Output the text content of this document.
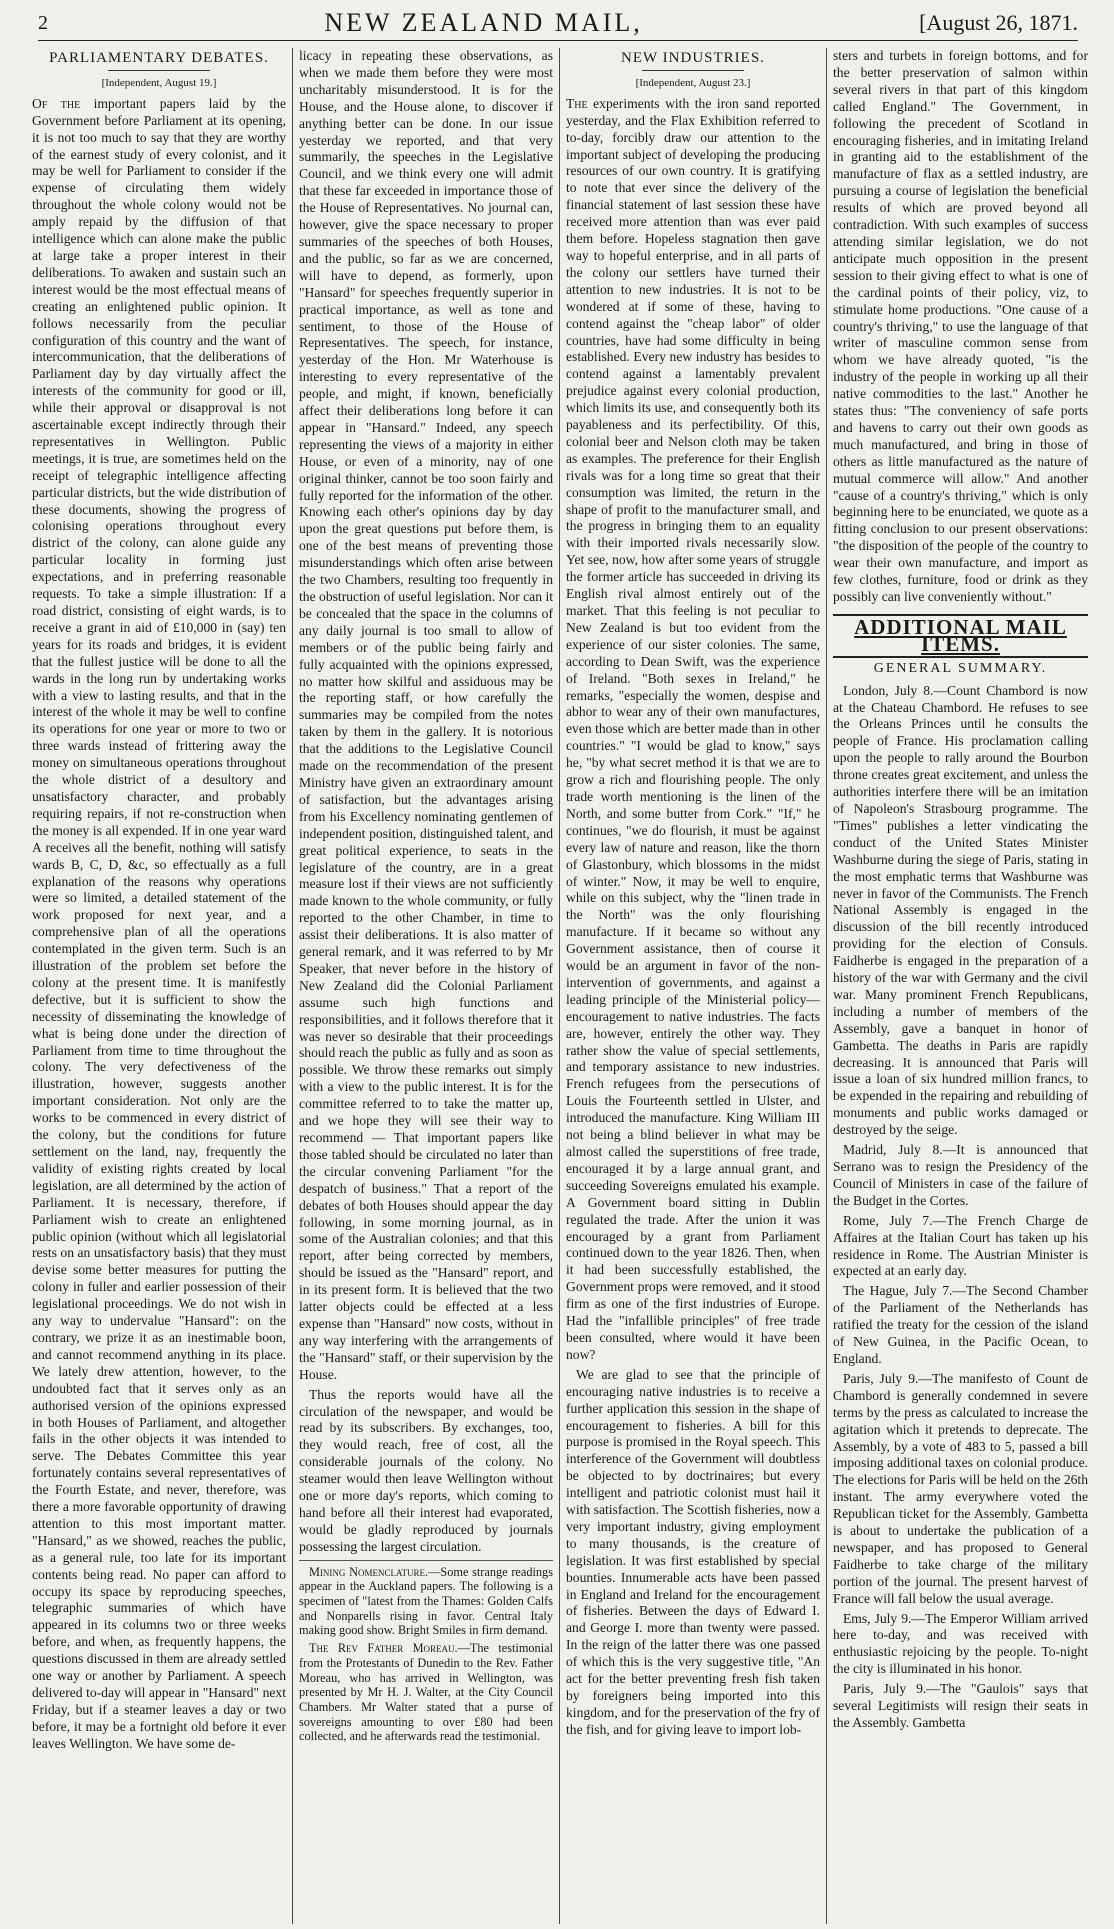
2	NEW ZEALAND MAIL,	[August 26, 1871.
PARLIAMENTARY DEBATES.
[Independent, August 19.]

Of the important papers laid by the Government before Parliament at its opening, it is not too much to say that they are worthy of the earnest study of every colonist, and it may be well for Parliament to consider if the expense of circulating them widely throughout the whole colony would not be amply repaid by the diffusion of that intelligence which can alone make the public at large take a proper interest in their deliberations. To awaken and sustain such an interest would be the most effectual means of creating an enlightened public opinion. It follows necessarily from the peculiar configuration of this country and the want of intercommunication, that the deliberations of Parliament day by day virtually affect the interests of the community for good or ill, while their approval or disapproval is not ascertainable except indirectly through their representatives in Wellington. Public meetings, it is true, are sometimes held on the receipt of telegraphic intelligence affecting particular districts, but the wide distribution of these documents, showing the progress of colonising operations throughout every district of the colony, can alone guide any particular locality in forming just expectations, and in preferring reasonable requests. To take a simple illustration: If a road district, consisting of eight wards, is to receive a grant in aid of £10,000 in (say) ten years for its roads and bridges, it is evident that the fullest justice will be done to all the wards in the long run by undertaking works with a view to lasting results, and that in the interest of the whole it may be well to confine its operations for one year or more to two or three wards instead of frittering away the money on simultaneous operations throughout the whole district of a desultory and unsatisfactory character, and probably requiring repairs, if not re-construction when the money is all expended. If in one year ward A receives all the benefit, nothing will satisfy wards B, C, D, &c, so effectually as a full explanation of the reasons why operations were so limited, a detailed statement of the work proposed for next year, and a comprehensive plan of all the operations contemplated in the given term. Such is an illustration of the problem set before the colony at the present time. It is manifestly defective, but it is sufficient to show the necessity of disseminating the knowledge of what is being done under the direction of Parliament from time to time throughout the colony. The very defectiveness of the illustration, however, suggests another important consideration. Not only are the works to be commenced in every district of the colony, but the conditions for future settlement on the land, nay, frequently the validity of existing rights created by local legislation, are all determined by the action of Parliament. It is necessary, therefore, if Parliament wish to create an enlightened public opinion (without which all legislatorial rests on an unsatisfactory basis) that they must devise some better measures for putting the colony in fuller and earlier possession of their legislational proceedings. We do not wish in any way to undervalue "Hansard": on the contrary, we prize it as an inestimable boon, and cannot recommend anything in its place. We lately drew attention, however, to the undoubted fact that it serves only as an authorised version of the opinions expressed in both Houses of Parliament, and altogether fails in the other objects it was intended to serve. The Debates Committee this year fortunately contains several representatives of the Fourth Estate, and never, therefore, was there a more favorable opportunity of drawing attention to this most important matter. "Hansard," as we showed, reaches the public, as a general rule, too late for its important contents being read. No paper can afford to occupy its space by reproducing speeches, telegraphic summaries of which have appeared in its columns two or three weeks before, and when, as frequently happens, the questions discussed in them are already settled one way or another by Parliament. A speech delivered to-day will appear in "Hansard" next Friday, but if a steamer leaves a day or two before, it may be a fortnight old before it ever leaves Wellington. We have some de-

licacy in repeating these observations, as when we made them before they were most uncharitably misunderstood. It is for the House, and the House alone, to discover if anything better can be done. In our issue yesterday we reported, and that very summarily, the speeches in the Legislative Council, and we think every one will admit that these far exceeded in importance those of the House of Representatives. No journal can, however, give the space necessary to proper summaries of the speeches of both Houses, and the public, so far as we are concerned, will have to depend, as formerly, upon "Hansard" for speeches frequently superior in practical importance, as well as tone and sentiment, to those of the House of Representatives. The speech, for instance, yesterday of the Hon. Mr Waterhouse is interesting to every representative of the people, and might, if known, beneficially affect their deliberations long before it can appear in "Hansard." Indeed, any speech representing the views of a majority in either House, or even of a minority, nay of one original thinker, cannot be too soon fairly and fully reported for the information of the other. Knowing each other's opinions day by day upon the great questions put before them, is one of the best means of preventing those misunderstandings which often arise between the two Chambers, resulting too frequently in the obstruction of useful legislation. Nor can it be concealed that the space in the columns of any daily journal is too small to allow of members or of the public being fairly and fully acquainted with the opinions expressed, no matter how skilful and assiduous may be the reporting staff, or how carefully the summaries may be compiled from the notes taken by them in the gallery. It is notorious that the additions to the Legislative Council made on the recommendation of the present Ministry have given an extraordinary amount of satisfaction, but the advantages arising from his Excellency nominating gentlemen of independent position, distinguished talent, and great political experience, to seats in the legislature of the country, are in a great measure lost if their views are not sufficiently made known to the whole community, or fully reported to the other Chamber, in time to assist their deliberations. It is also matter of general remark, and it was referred to by Mr Speaker, that never before in the history of New Zealand did the Colonial Parliament assume such high functions and responsibilities, and it follows therefore that it was never so desirable that their proceedings should reach the public as fully and as soon as possible. We throw these remarks out simply with a view to the public interest. It is for the committee referred to to take the matter up, and we hope they will see their way to recommend — That important papers like those tabled should be circulated no later than the circular convening Parliament "for the despatch of business." That a report of the debates of both Houses should appear the day following, in some morning journal, as in some of the Australian colonies; and that this report, after being corrected by members, should be issued as the "Hansard" report, and in its present form. It is believed that the two latter objects could be effected at a less expense than "Hansard" now costs, without in any way interfering with the arrangements of the "Hansard" staff, or their supervision by the House.

Thus the reports would have all the circulation of the newspaper, and would be read by its subscribers. By exchanges, too, they would reach, free of cost, all the considerable journals of the colony. No steamer would then leave Wellington without one or more day's reports, which coming to hand before all their interest had evaporated, would be gladly reproduced by journals possessing the largest circulation.

Mining Nomenclature.—Some strange readings appear in the Auckland papers. The following is a specimen of "latest from the Thames: Golden Calfs and Nonparells rising in favor. Central Italy making good show. Bright Smiles in firm demand.

The Rev Father Moreau.—The testimonial from the Protestants of Dunedin to the Rev. Father Moreau, who has arrived in Wellington, was presented by Mr H. J. Walter, at the City Council Chambers. Mr Walter stated that a purse of sovereigns amounting to over £80 had been collected, and he afterwards read the testimonial.

NEW INDUSTRIES.
[Independent, August 23.]

The experiments with the iron sand reported yesterday, and the Flax Exhibition referred to to-day, forcibly draw our attention to the important subject of developing the producing resources of our own country. It is gratifying to note that ever since the delivery of the financial statement of last session these have received more attention than was ever paid them before. Hopeless stagnation then gave way to hopeful enterprise, and in all parts of the colony our settlers have turned their attention to new industries. It is not to be wondered at if some of these, having to contend against the "cheap labor" of older countries, have had some difficulty in being established. Every new industry has besides to contend against a lamentably prevalent prejudice against every colonial production, which limits its use, and consequently both its payableness and its perfectibility. Of this, colonial beer and Nelson cloth may be taken as examples. The preference for their English rivals was for a long time so great that their consumption was limited, the return in the shape of profit to the manufacturer small, and the progress in bringing them to an equality with their imported rivals necessarily slow. Yet see, now, how after some years of struggle the former article has succeeded in driving its English rival almost entirely out of the market. That this feeling is not peculiar to New Zealand is but too evident from the experience of our sister colonies. The same, according to Dean Swift, was the experience of Ireland. "Both sexes in Ireland," he remarks, "especially the women, despise and abhor to wear any of their own manufactures, even those which are better made than in other countries." "I would be glad to know," says he, "by what secret method it is that we are to grow a rich and flourishing people. The only trade worth mentioning is the linen of the North, and some butter from Cork." "If," he continues, "we do flourish, it must be against every law of nature and reason, like the thorn of Glastonbury, which blossoms in the midst of winter." Now, it may be well to enquire, while on this subject, why the "linen trade in the North" was the only flourishing manufacture. If it became so without any Government assistance, then of course it would be an argument in favor of the non-intervention of governments, and against a leading principle of the Ministerial policy—encouragement to native industries. The facts are, however, entirely the other way. They rather show the value of special settlements, and temporary assistance to new industries. French refugees from the persecutions of Louis the Fourteenth settled in Ulster, and introduced the manufacture. King William III not being a blind believer in what may be almost called the superstitions of free trade, encouraged it by a large annual grant, and succeeding Sovereigns emulated his example. A Government board sitting in Dublin regulated the trade. After the union it was encouraged by a grant from Parliament continued down to the year 1826. Then, when it had been successfully established, the Government props were removed, and it stood firm as one of the first industries of Europe. Had the "infallible principles" of free trade been consulted, where would it have been now?

We are glad to see that the principle of encouraging native industries is to receive a further application this session in the shape of encouragement to fisheries. A bill for this purpose is promised in the Royal speech. This interference of the Government will doubtless be objected to by doctrinaires; but every intelligent and patriotic colonist must hail it with satisfaction. The Scottish fisheries, now a very important industry, giving employment to many thousands, is the creature of legislation. It was first established by special bounties. Innumerable acts have been passed in England and Ireland for the encouragement of fisheries. Between the days of Edward I. and George I. more than twenty were passed. In the reign of the latter there was one passed of which this is the very suggestive title, "An act for the better preventing fresh fish taken by foreigners being imported into this kingdom, and for the preservation of the fry of the fish, and for giving leave to import lob-

sters and turbets in foreign bottoms, and for the better preservation of salmon within several rivers in that part of this kingdom called England." The Government, in following the precedent of Scotland in encouraging fisheries, and in imitating Ireland in granting aid to the establishment of the manufacture of flax as a settled industry, are pursuing a course of legislation the beneficial results of which are proved beyond all contradiction. With such examples of success attending similar legislation, we do not anticipate much opposition in the present session to their giving effect to what is one of the cardinal points of their policy, viz, to stimulate home productions. "One cause of a country's thriving," to use the language of that writer of masculine common sense from whom we have already quoted, "is the industry of the people in working up all their native commodities to the last." Another he states thus: "The conveniency of safe ports and havens to carry out their own goods as much manufactured, and bring in those of others as little manufactured as the nature of mutual commerce will allow." And another "cause of a country's thriving," which is only beginning here to be enunciated, we quote as a fitting conclusion to our present observations: "the disposition of the people of the country to wear their own manufacture, and import as few clothes, furniture, food or drink as they possibly can live conveniently without."

ADDITIONAL MAIL ITEMS.
GENERAL SUMMARY.

London, July 8.—Count Chambord is now at the Chateau Chambord. He refuses to see the Orleans Princes until he consults the people of France. His proclamation calling upon the people to rally around the Bourbon throne creates great excitement, and unless the authorities interfere there will be an imitation of Napoleon's Strasbourg programme. The "Times" publishes a letter vindicating the conduct of the United States Minister Washburne during the siege of Paris, stating in the most emphatic terms that Washburne was never in favor of the Communists. The French National Assembly is engaged in the discussion of the bill recently introduced providing for the election of Consuls. Faidherbe is engaged in the preparation of a history of the war with Germany and the civil war. Many prominent French Republicans, including a number of members of the Assembly, gave a banquet in honor of Gambetta. The deaths in Paris are rapidly decreasing. It is announced that Paris will issue a loan of six hundred million francs, to be expended in the repairing and rebuilding of monuments and public works damaged or destroyed by the seige.

Madrid, July 8.—It is announced that Serrano was to resign the Presidency of the Council of Ministers in case of the failure of the Budget in the Cortes.

Rome, July 7.—The French Charge de Affaires at the Italian Court has taken up his residence in Rome. The Austrian Minister is expected at an early day.

The Hague, July 7.—The Second Chamber of the Parliament of the Netherlands has ratified the treaty for the cession of the island of New Guinea, in the Pacific Ocean, to England.

Paris, July 9.—The manifesto of Count de Chambord is generally condemned in severe terms by the press as calculated to increase the agitation which it pretends to deprecate. The Assembly, by a vote of 483 to 5, passed a bill imposing additional taxes on colonial produce. The elections for Paris will be held on the 26th instant. The army everywhere voted the Republican ticket for the Assembly. Gambetta is about to undertake the publication of a newspaper, and has proposed to General Faidherbe to take charge of the military portion of the journal. The present harvest of France will fall below the usual average.

Ems, July 9.—The Emperor William arrived here to-day, and was received with enthusiastic rejoicing by the people. To-night the city is illuminated in his honor.

Paris, July 9.—The "Gaulois" says that several Legitimists will resign their seats in the Assembly. Gambetta
